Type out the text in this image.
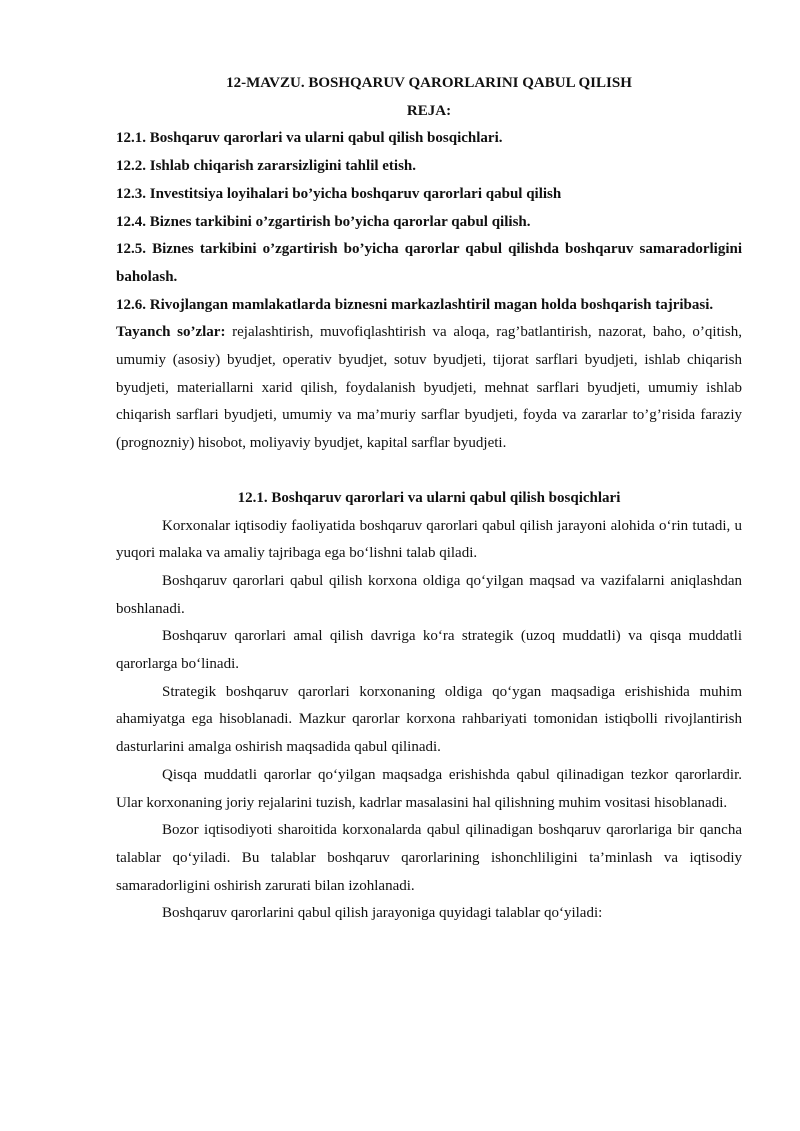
12-MAVZU. BOSHQARUV QARORLARINI QABUL QILISH

REJA:

12.1. Boshqaruv qarorlari va ularni qabul qilish bosqichlari.

12.2. Ishlab chiqarish zararsizligini tahlil etish.

12.3. Investitsiya loyihalari bo’yicha boshqaruv qarorlari qabul qilish

12.4. Biznes tarkibini o’zgartirish bo’yicha qarorlar qabul qilish.

12.5. Biznes tarkibini o’zgartirish bo’yicha qarorlar qabul qilishda boshqaruv samaradorligini baholash.

12.6. Rivojlangan mamlakatlarda biznesni markazlashtiril magan holda boshqarish tajribasi.

Tayanch so’zlar: rejalashtirish, muvofiqlashtirish va aloqa, rag’batlantirish, nazorat, baho, o’qitish, umumiy (asosiy) byudjet, operativ byudjet, sotuv byudjeti, tijorat sarflari byudjeti, ishlab chiqarish byudjeti, materiallarni xarid qilish, foydalanish byudjeti, mehnat sarflari byudjeti, umumiy ishlab chiqarish sarflari byudjeti, umumiy va ma’muriy sarflar byudjeti, foyda va zararlar to’g’risida faraziy (prognozniy) hisobot, moliyaviy byudjet, kapital sarflar byudjeti.

12.1. Boshqaruv qarorlari va ularni qabul qilish bosqichlari

Korxonalar iqtisodiy faoliyatida boshqaruv qarorlari qabul qilish jarayoni alohida o‘rin tutadi, u yuqori malaka va amaliy tajribaga ega bo‘lishni talab qiladi.

Boshqaruv qarorlari qabul qilish korxona oldiga qo‘yilgan maqsad va vazifalarni aniqlashdan boshlanadi.

Boshqaruv qarorlari amal qilish davriga ko‘ra strategik (uzoq muddatli) va qisqa muddatli qarorlarga bo‘linadi.

Strategik boshqaruv qarorlari korxonaning oldiga qo‘ygan maqsadiga erishishida muhim ahamiyatga ega hisoblanadi. Mazkur qarorlar korxona rahbariyati tomonidan istiqbolli rivojlantirish dasturlarini amalga oshirish maqsadida qabul qilinadi.

Qisqa muddatli qarorlar qo‘yilgan maqsadga erishishda qabul qilinadigan tezkor qarorlardir. Ular korxonaning joriy rejalarini tuzish, kadrlar masalasini hal qilishning muhim vositasi hisoblanadi.

Bozor iqtisodiyoti sharoitida korxonalarda qabul qilinadigan boshqaruv qarorlariga bir qancha talablar qo‘yiladi. Bu talablar boshqaruv qarorlarining ishonchliligini ta’minlash va iqtisodiy samaradorligini oshirish zarurati bilan izohlanadi.

Boshqaruv qarorlarini qabul qilish jarayoniga quyidagi talablar qo‘yiladi:
